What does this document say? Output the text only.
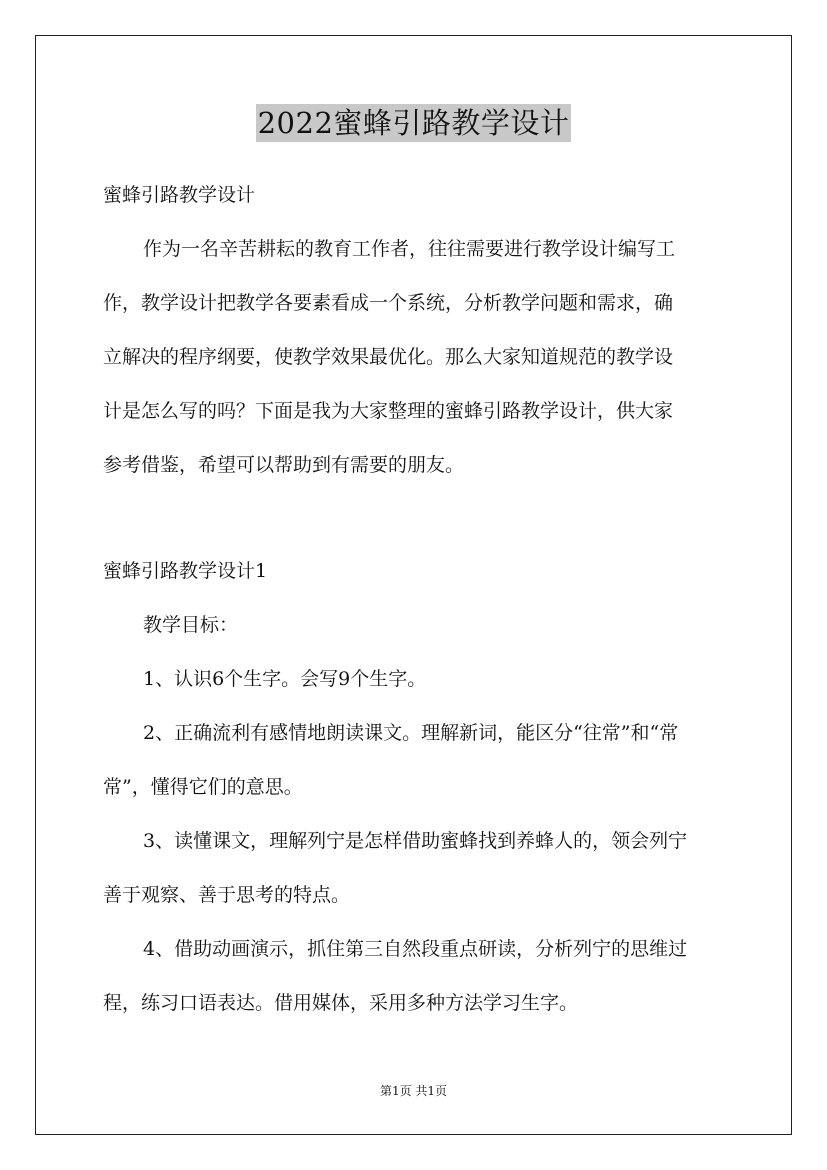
2022蜜蜂引路教学设计
蜜蜂引路教学设计
作为一名辛苦耕耘的教育工作者，往往需要进行教学设计编写工
作，教学设计把教学各要素看成一个系统，分析教学问题和需求，确
立解决的程序纲要，使教学效果最优化。那么大家知道规范的教学设
计是怎么写的吗？下面是我为大家整理的蜜蜂引路教学设计，供大家
参考借鉴，希望可以帮助到有需要的朋友。
蜜蜂引路教学设计1
教学目标：
1、认识6个生字。会写9个生字。
2、正确流利有感情地朗读课文。理解新词，能区分“往常”和“常
常”，懂得它们的意思。
3、读懂课文，理解列宁是怎样借助蜜蜂找到养蜂人的，领会列宁
善于观察、善于思考的特点。
4、借助动画演示，抓住第三自然段重点研读，分析列宁的思维过
程，练习口语表达。借用媒体，采用多种方法学习生字。
第1页 共1页
